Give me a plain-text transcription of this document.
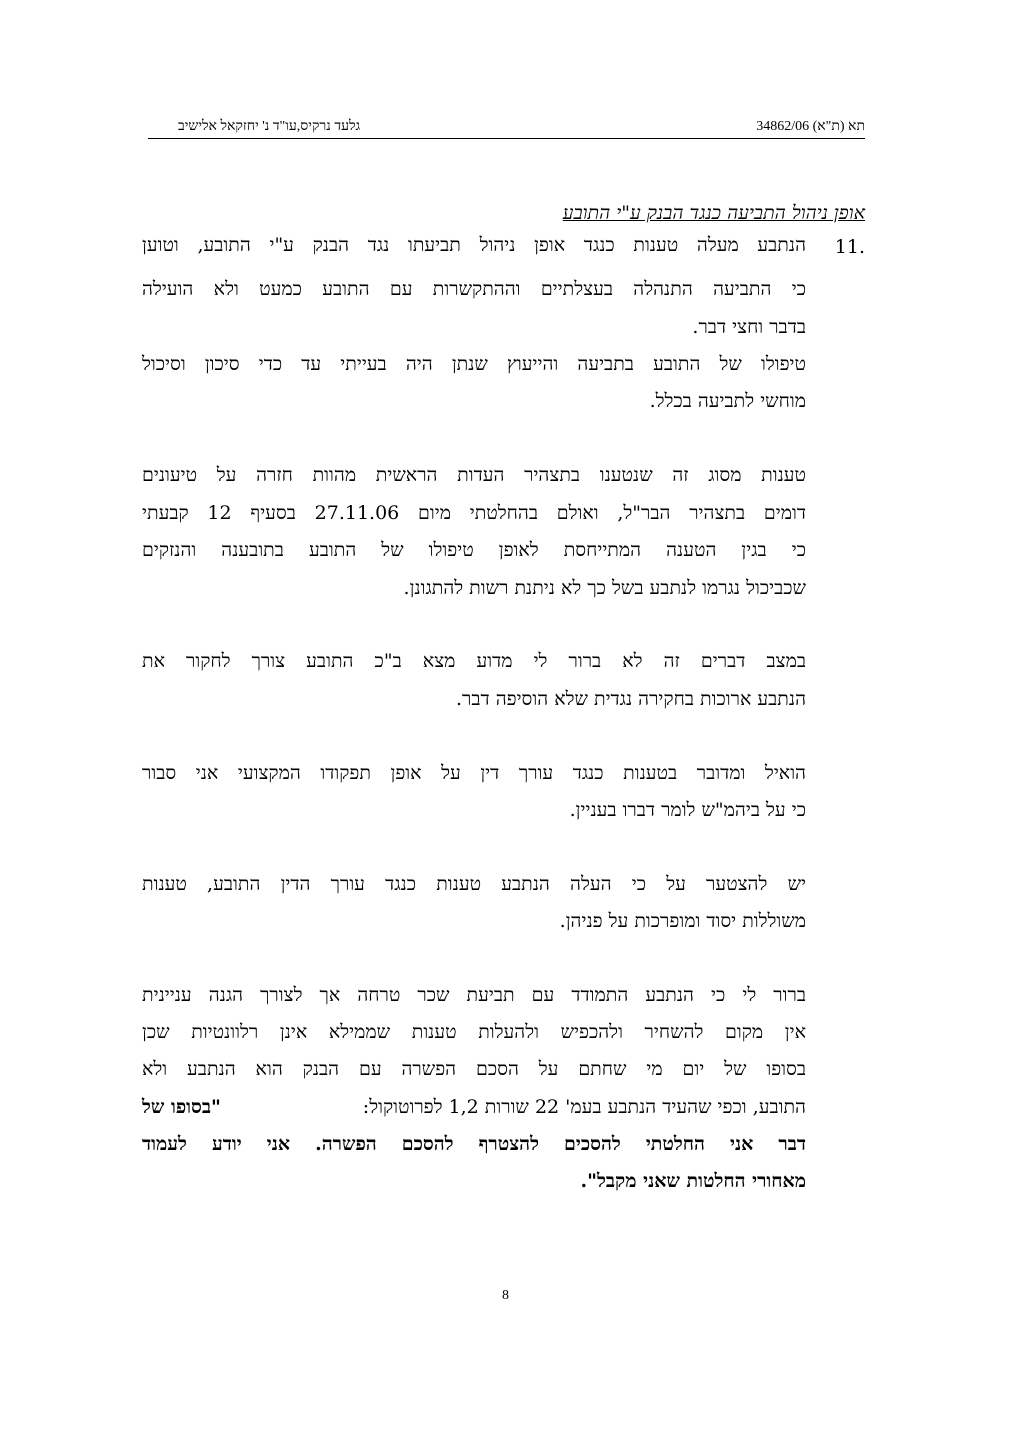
תא (ת"א) 34862/06
גלעד נרקיס,עו"ד נ' יחזקאל אלישיב
אופן ניהול התביעה כנגד הבנק ע"י התובע
11.
הנתבע מעלה טענות כנגד אופן ניהול תביעתו נגד הבנק ע"י התובע, וטוען
כי התביעה התנהלה בעצלתיים וההתקשרות עם התובע כמעט ולא הועילה
בדבר וחצי דבר.
טיפולו של התובע בתביעה והייעוץ שנתן היה בעייתי עד כדי סיכון וסיכול
מוחשי לתביעה בכלל.
טענות מסוג זה שנטענו בתצהיר העדות הראשית מהוות חזרה על טיעונים
דומים בתצהיר הבר"ל, ואולם בהחלטתי מיום 27.11.06 בסעיף 12 קבעתי
כי בגין הטענה המתייחסת לאופן טיפולו של התובע בתובענה והנזקים
שכביכול נגרמו לנתבע בשל כך לא ניתנת רשות להתגונן.
במצב דברים זה לא ברור לי מדוע מצא ב"כ התובע צורך לחקור את
הנתבע ארוכות בחקירה נגדית שלא הוסיפה דבר.
הואיל ומדובר בטענות כנגד עורך דין על אופן תפקודו המקצועי אני סבור
כי על ביהמ"ש לומר דברו בעניין.
יש להצטער על כי העלה הנתבע טענות כנגד עורך הדין התובע, טענות
משוללות יסוד ומופרכות על פניהן.
ברור לי כי הנתבע התמודד עם תביעת שכר טרחה אך לצורך הגנה עניינית
אין מקום להשחיר ולהכפיש ולהעלות טענות שממילא אינן רלוונטיות שכן
בסופו של יום מי שחתם על הסכם הפשרה עם הבנק הוא הנתבע ולא
התובע, וכפי שהעיד הנתבע בעמ' 22 שורות 1,2 לפרוטוקול:
"בסופו של
דבר אני החלטתי להסכים להצטרף להסכם הפשרה. אני יודע לעמוד
מאחורי החלטות שאני מקבל".
8
